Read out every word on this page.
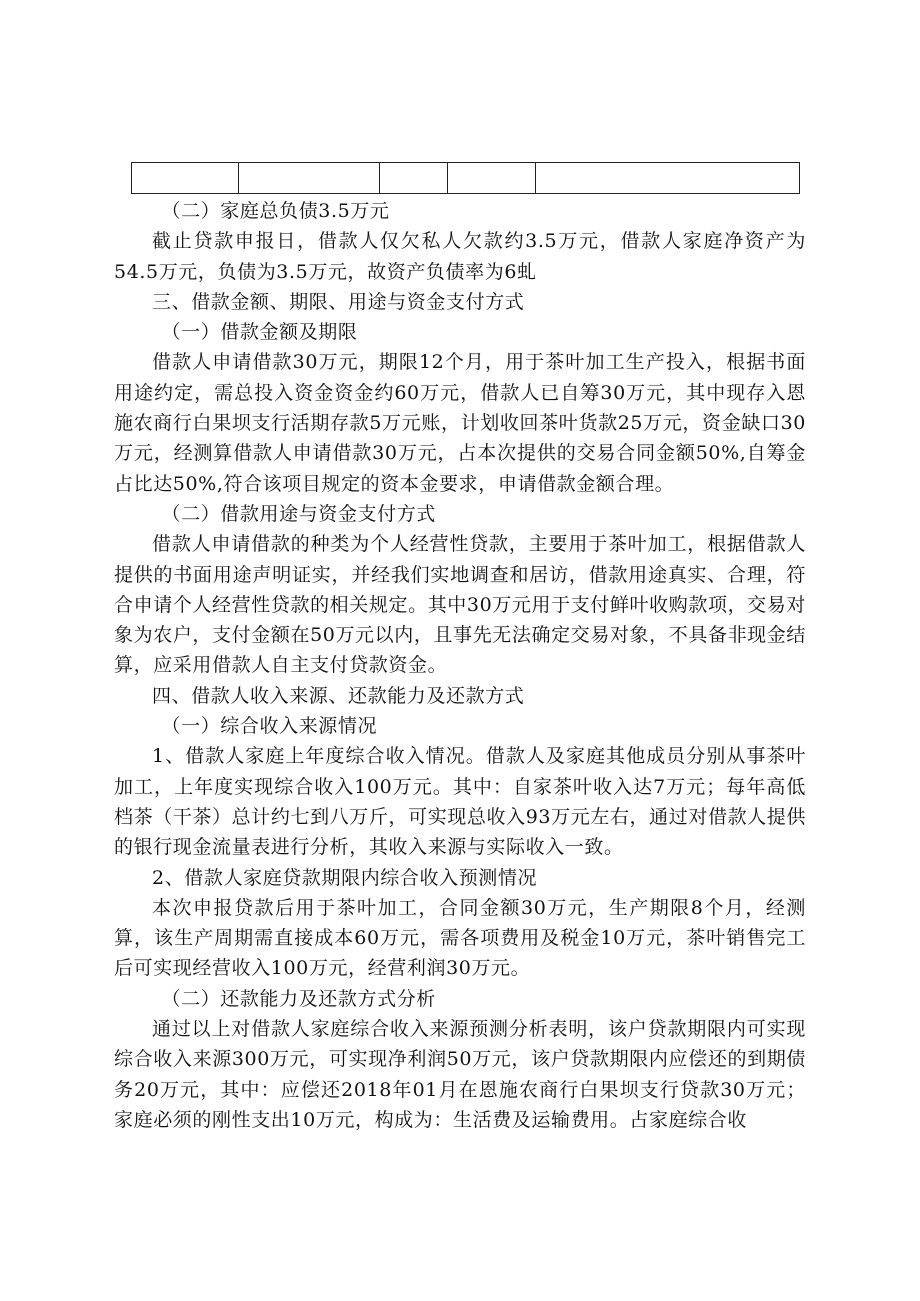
（二）家庭总负债3.5万元

截止贷款申报日，借款人仅欠私人欠款约3.5万元，借款人家庭净资产为54.5万元，负债为3.5万元，故资产负债率为6虬

三、借款金额、期限、用途与资金支付方式

（一）借款金额及期限

借款人申请借款30万元，期限12个月，用于茶叶加工生产投入，根据书面用途约定，需总投入资金资金约60万元，借款人已自筹30万元，其中现存入恩施农商行白果坝支行活期存款5万元账，计划收回茶叶货款25万元，资金缺口30万元，经测算借款人申请借款30万元，占本次提供的交易合同金额50%,自筹金占比达50%,符合该项目规定的资本金要求，申请借款金额合理。

（二）借款用途与资金支付方式

借款人申请借款的种类为个人经营性贷款，主要用于茶叶加工，根据借款人提供的书面用途声明证实，并经我们实地调查和居访，借款用途真实、合理，符合申请个人经营性贷款的相关规定。其中30万元用于支付鲜叶收购款项，交易对象为农户，支付金额在50万元以内，且事先无法确定交易对象，不具备非现金结算，应采用借款人自主支付贷款资金。

四、借款人收入来源、还款能力及还款方式

（一）综合收入来源情况

1、借款人家庭上年度综合收入情况。借款人及家庭其他成员分别从事茶叶加工，上年度实现综合收入100万元。其中：自家茶叶收入达7万元；每年高低档茶（干茶）总计约七到八万斤，可实现总收入93万元左右，通过对借款人提供的银行现金流量表进行分析，其收入来源与实际收入一致。

2、借款人家庭贷款期限内综合收入预测情况

本次申报贷款后用于茶叶加工，合同金额30万元，生产期限8个月，经测算，该生产周期需直接成本60万元，需各项费用及税金10万元，茶叶销售完工后可实现经营收入100万元，经营利润30万元。

（二）还款能力及还款方式分析

通过以上对借款人家庭综合收入来源预测分析表明，该户贷款期限内可实现综合收入来源300万元，可实现净利润50万元，该户贷款期限内应偿还的到期债务20万元，其中：应偿还2018年01月在恩施农商行白果坝支行贷款30万元；家庭必须的刚性支出10万元，构成为：生活费及运输费用。占家庭综合收
